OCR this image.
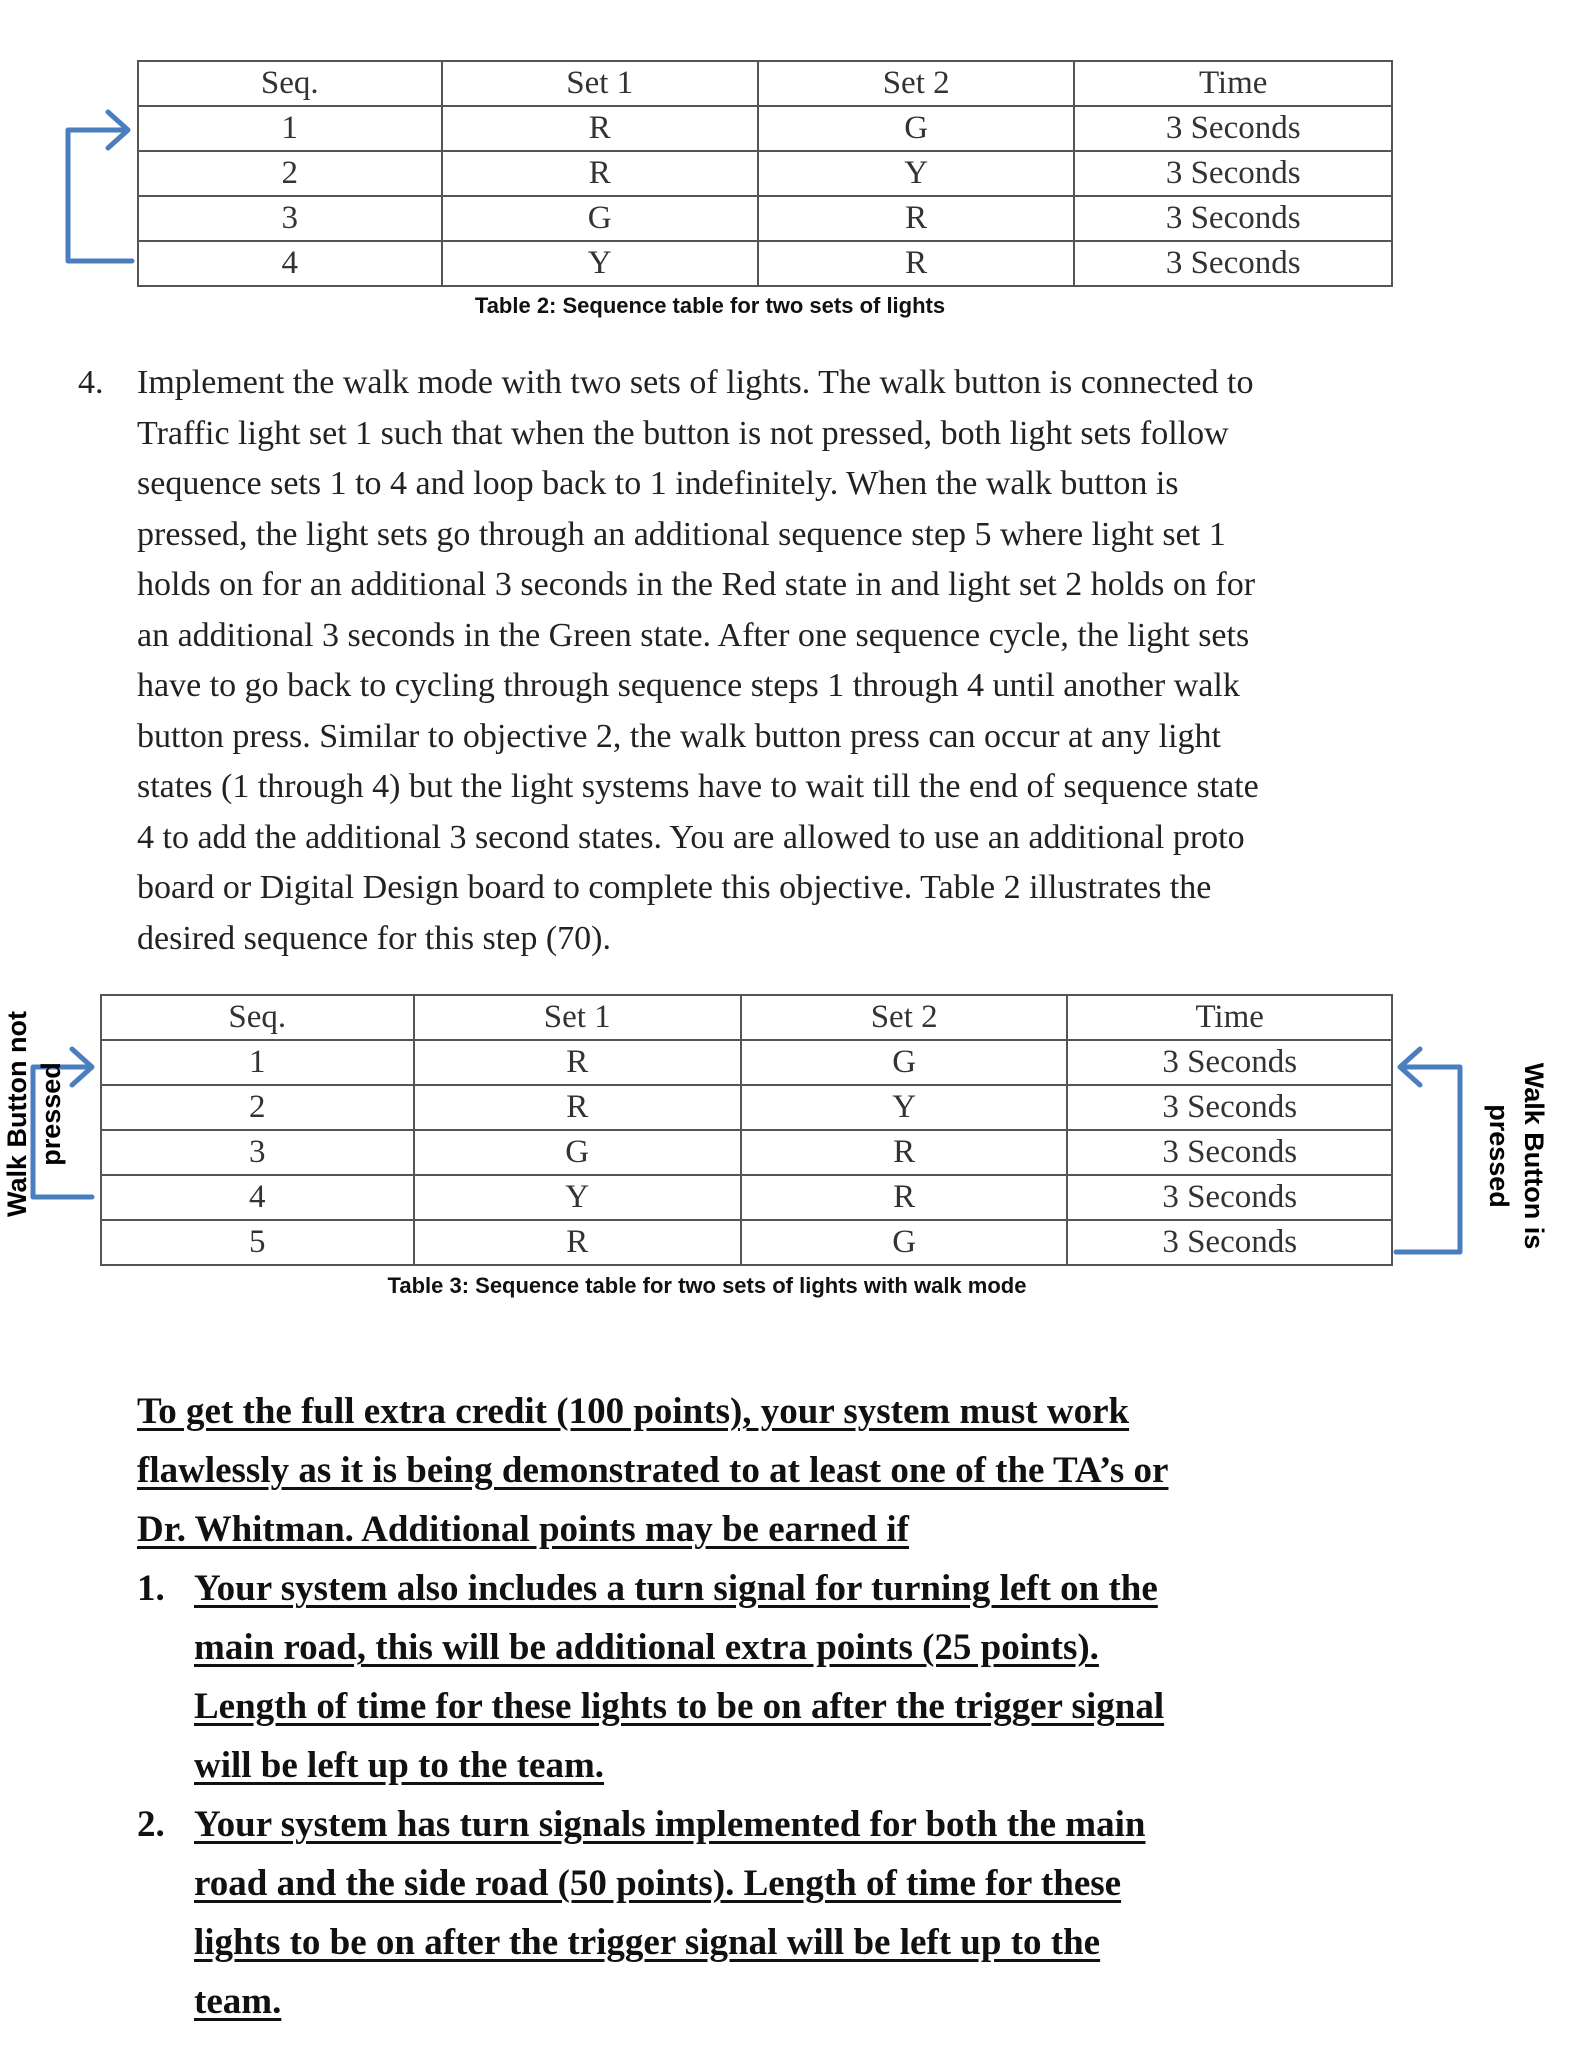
Seq.	Set 1	Set 2	Time
1	R	G	3 Seconds
2	R	Y	3 Seconds
3	G	R	3 Seconds
4	Y	R	3 Seconds
Table 2: Sequence table for two sets of lights
4. Implement the walk mode with two sets of lights. The walk button is connected to
Traffic light set 1 such that when the button is not pressed, both light sets follow
sequence sets 1 to 4 and loop back to 1 indefinitely. When the walk button is
pressed, the light sets go through an additional sequence step 5 where light set 1
holds on for an additional 3 seconds in the Red state in and light set 2 holds on for
an additional 3 seconds in the Green state. After one sequence cycle, the light sets
have to go back to cycling through sequence steps 1 through 4 until another walk
button press. Similar to objective 2, the walk button press can occur at any light
states (1 through 4) but the light systems have to wait till the end of sequence state
4 to add the additional 3 second states. You are allowed to use an additional proto
board or Digital Design board to complete this objective. Table 2 illustrates the
desired sequence for this step (70).
Walk Button not pressed
Seq.	Set 1	Set 2	Time
1	R	G	3 Seconds
2	R	Y	3 Seconds
3	G	R	3 Seconds
4	Y	R	3 Seconds
5	R	G	3 Seconds
Table 3: Sequence table for two sets of lights with walk mode
Walk Button is
pressed
To get the full extra credit (100 points), your system must work
flawlessly as it is being demonstrated to at least one of the TA’s or
Dr. Whitman. Additional points may be earned if
1. Your system also includes a turn signal for turning left on the
main road, this will be additional extra points (25 points).
Length of time for these lights to be on after the trigger signal
will be left up to the team.
2. Your system has turn signals implemented for both the main
road and the side road (50 points). Length of time for these
lights to be on after the trigger signal will be left up to the
team.
